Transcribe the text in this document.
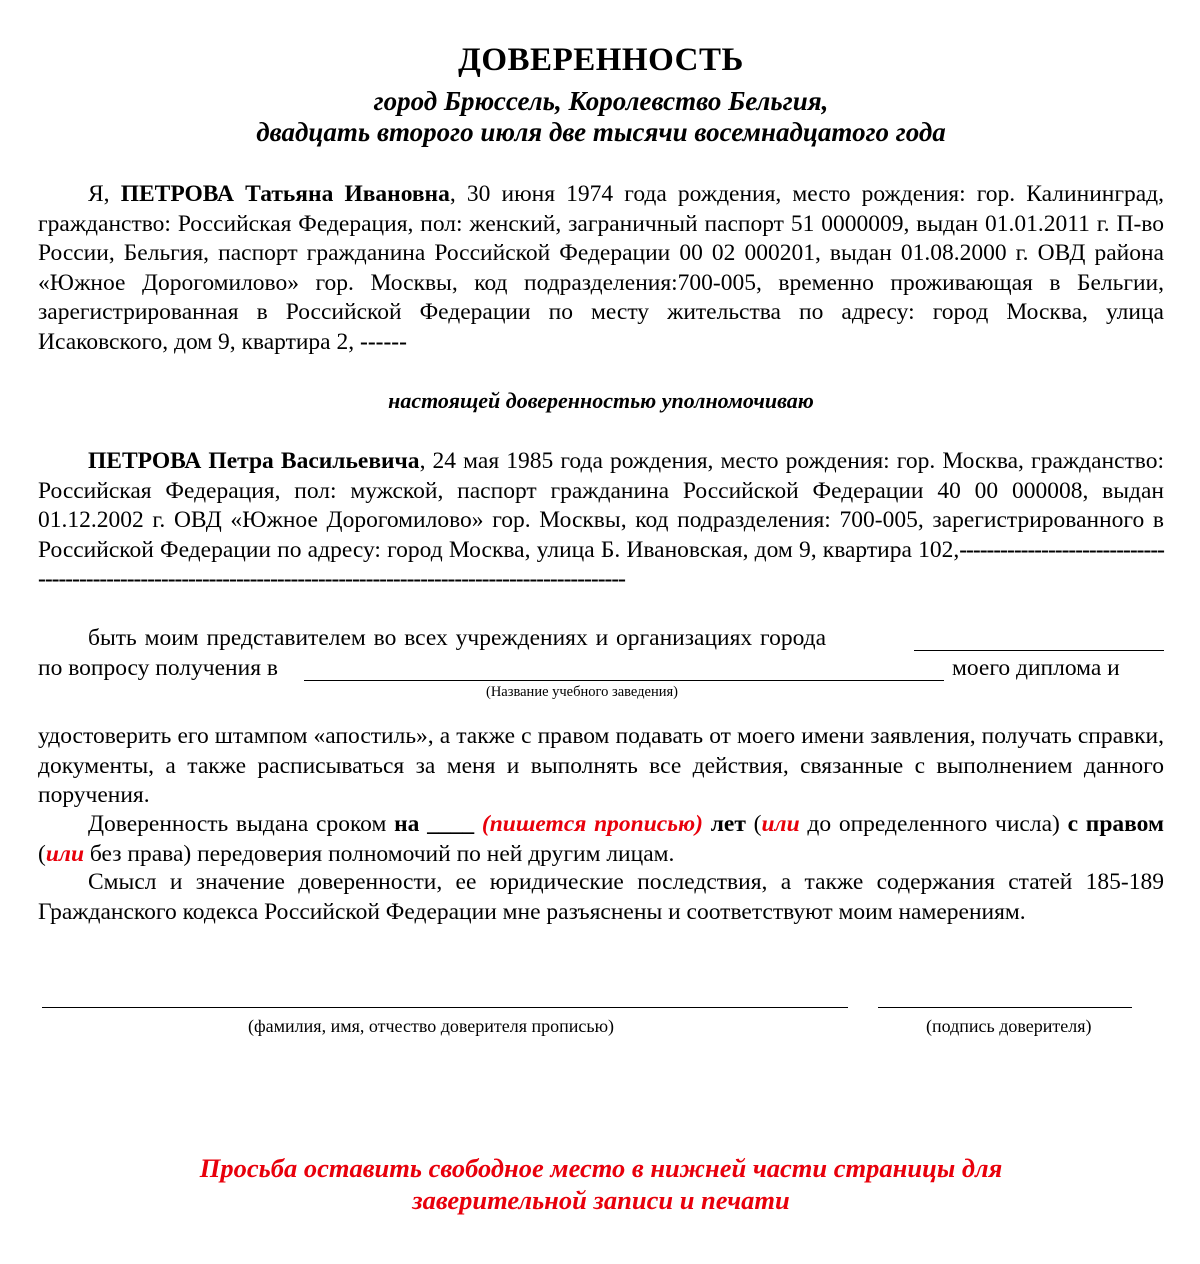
ДОВЕРЕННОСТЬ
город Брюссель, Королевство Бельгия,
двадцать второго июля две тысячи восемнадцатого года
Я, ПЕТРОВА Татьяна Ивановна, 30 июня 1974 года рождения, место рождения: гор. Калининград, гражданство: Российская Федерация, пол: женский, заграничный паспорт 51 0000009, выдан 01.01.2011 г. П-во России, Бельгия, паспорт гражданина Российской Федерации 00 02 000201, выдан 01.08.2000 г. ОВД района «Южное Дорогомилово» гор. Москвы, код подразделения:700-005, временно проживающая в Бельгии, зарегистрированная в Российской Федерации по месту жительства по адресу: город Москва, улица Исаковского, дом 9, квартира 2, ------
настоящей доверенностью уполномочиваю
ПЕТРОВА Петра Васильевича, 24 мая 1985 года рождения, место рождения: гор. Москва, гражданство: Российская Федерация, пол: мужской, паспорт гражданина Российской Федерации 40 00 000008, выдан 01.12.2002 г. ОВД «Южное Дорогомилово» гор. Москвы, код подразделения: 700-005, зарегистрированного в Российской Федерации по адресу: город Москва, улица Б. Ивановская, дом 9, квартира 102,--------------------------------------------------------------------------------------------------------------------
быть моим представителем во всех учреждениях и организациях города
по вопросу получения в	моего диплома и
(Название учебного заведения)
удостоверить его штампом «апостиль», а также с правом подавать от моего имени заявления, получать справки, документы, а также расписываться за меня и выполнять все действия, связанные с выполнением данного поручения.
Доверенность выдана сроком на ____ (пишется прописью) лет (или до определенного числа) с правом (или без права) передоверия полномочий по ней другим лицам.
Смысл и значение доверенности, ее юридические последствия, а также содержания статей 185-189 Гражданского кодекса Российской Федерации мне разъяснены и соответствуют моим намерениям.
(фамилия, имя, отчество доверителя прописью)	(подпись доверителя)
Просьба оставить свободное место в нижней части страницы для
заверительной записи и печати
